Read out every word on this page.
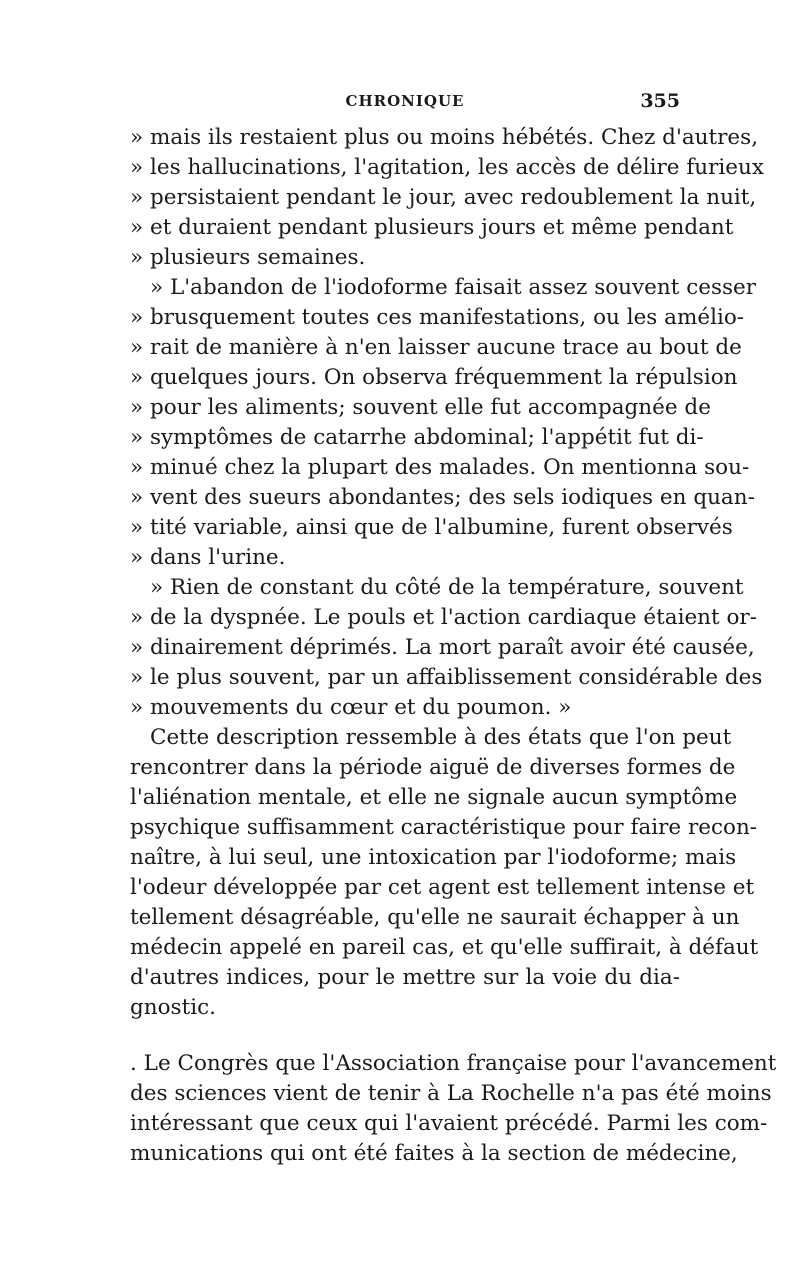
CHRONIQUE	355
» mais ils restaient plus ou moins hébétés. Chez d'autres,
» les hallucinations, l'agitation, les accès de délire furieux
» persistaient pendant le jour, avec redoublement la nuit,
» et duraient pendant plusieurs jours et même pendant
» plusieurs semaines.
» L'abandon de l'iodoforme faisait assez souvent cesser
» brusquement toutes ces manifestations, ou les amélio-
» rait de manière à n'en laisser aucune trace au bout de
» quelques jours. On observa fréquemment la répulsion
» pour les aliments; souvent elle fut accompagnée de
» symptômes de catarrhe abdominal; l'appétit fut di-
» minué chez la plupart des malades. On mentionna sou-
» vent des sueurs abondantes; des sels iodiques en quan-
» tité variable, ainsi que de l'albumine, furent observés
» dans l'urine.
» Rien de constant du côté de la température, souvent
» de la dyspnée. Le pouls et l'action cardiaque étaient or-
» dinairement déprimés. La mort paraît avoir été causée,
» le plus souvent, par un affaiblissement considérable des
» mouvements du cœur et du poumon. »
Cette description ressemble à des états que l'on peut
rencontrer dans la période aiguë de diverses formes de
l'aliénation mentale, et elle ne signale aucun symptôme
psychique suffisamment caractéristique pour faire recon-
naître, à lui seul, une intoxication par l'iodoforme; mais
l'odeur développée par cet agent est tellement intense et
tellement désagréable, qu'elle ne saurait échapper à un
médecin appelé en pareil cas, et qu'elle suffirait, à défaut
d'autres indices, pour le mettre sur la voie du dia-
gnostic.
. Le Congrès que l'Association française pour l'avancement
des sciences vient de tenir à La Rochelle n'a pas été moins
intéressant que ceux qui l'avaient précédé. Parmi les com-
munications qui ont été faites à la section de médecine,
